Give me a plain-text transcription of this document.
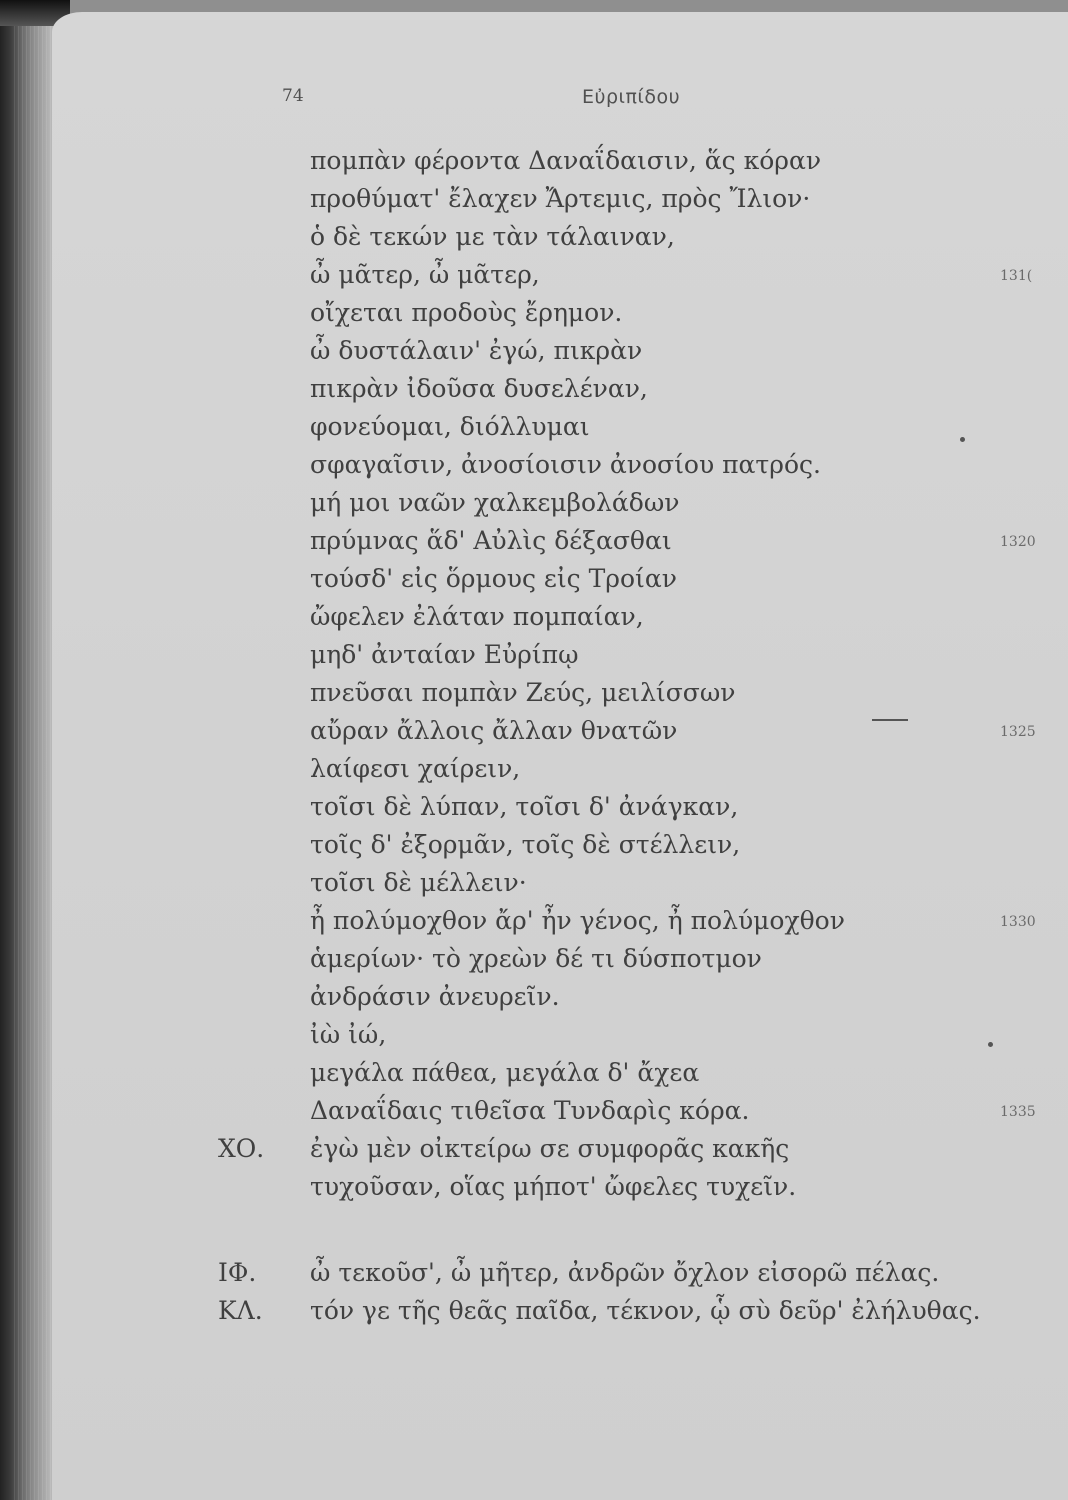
74	Εὐριπίδου
πομπὰν φέροντα Δαναΐδαισιν, ἅς κόραν
προθύματ' ἔλαχεν Ἄρτεμις, πρὸς Ἴλιον·
ὁ δὲ τεκών με τὰν τάλαιναν,
ὦ μᾶτερ, ὦ μᾶτερ,
οἴχεται προδοὺς ἔρημον.
ὦ δυστάλαιν' ἐγώ, πικρὰν
πικρὰν ἰδοῦσα δυσελέναν,
φονεύομαι, διόλλυμαι
σφαγαῖσιν, ἀνοσίοισιν ἀνοσίου πατρός.
μή μοι ναῶν χαλκεμβολάδων
πρύμνας ἅδ' Αὐλὶς δέξασθαι
τούσδ' εἰς ὅρμους εἰς Τροίαν
ὤφελεν ἐλάταν πομπαίαν,
μηδ' ἀνταίαν Εὐρίπῳ
πνεῦσαι πομπὰν Ζεύς, μειλίσσων
αὔραν ἄλλοις ἄλλαν θνατῶν
λαίφεσι χαίρειν,
τοῖσι δὲ λύπαν, τοῖσι δ' ἀνάγκαν,
τοῖς δ' ἐξορμᾶν, τοῖς δὲ στέλλειν,
τοῖσι δὲ μέλλειν·
ἦ πολύμοχθον ἄρ' ἦν γένος, ἦ πολύμοχθον
ἁμερίων· τὸ χρεὼν δέ τι δύσποτμον
ἀνδράσιν ἀνευρεῖν.
ἰὼ ἰώ,
μεγάλα πάθεα, μεγάλα δ' ἄχεα
Δαναΐδαις τιθεῖσα Τυνδαρὶς κόρα.
ΧΟ. ἐγὼ μὲν οἰκτείρω σε συμφορᾶς κακῆς
τυχοῦσαν, οἵας μήποτ' ὤφελες τυχεῖν.
ΙΦ. ὦ τεκοῦσ', ὦ μῆτερ, ἀνδρῶν ὄχλον εἰσορῶ πέλας.
ΚΛ. τόν γε τῆς θεᾶς παῖδα, τέκνον, ᾧ σὺ δεῦρ' ἐλήλυθας.
131(
1320
1325
1330
1335
